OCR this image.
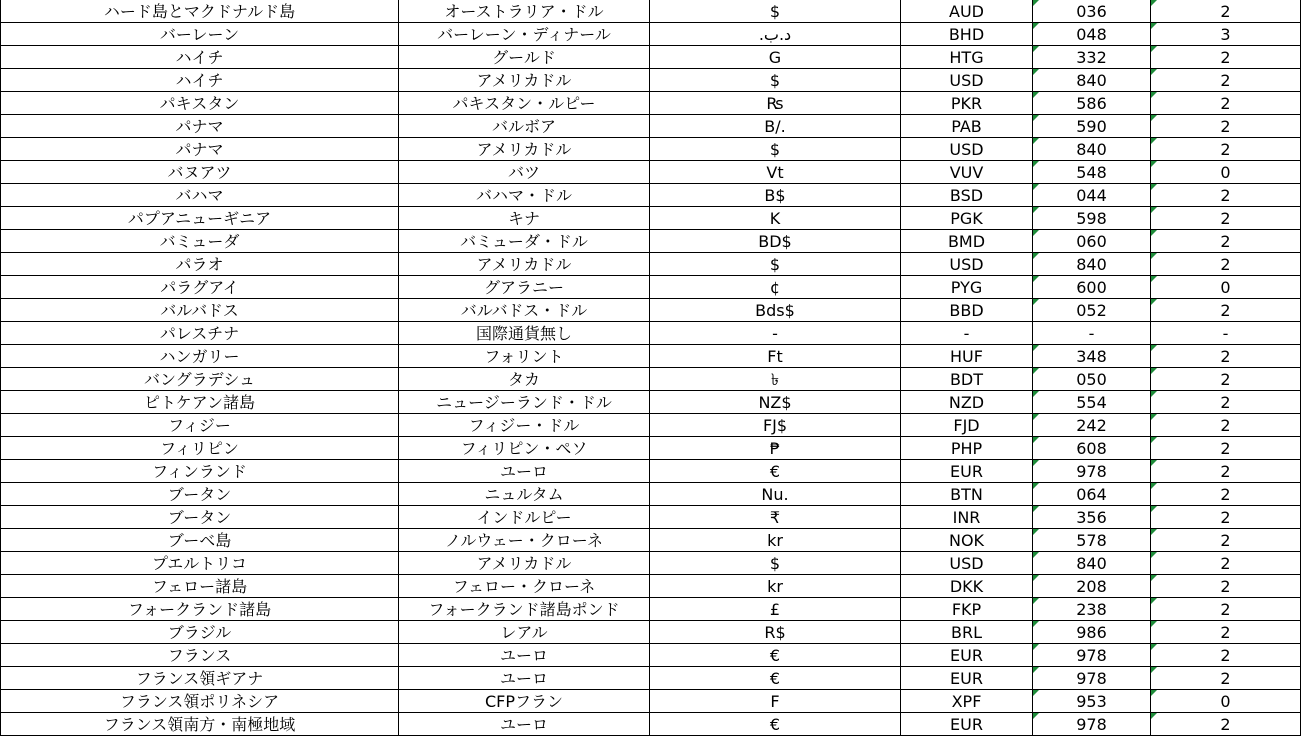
ハード島とマクドナルド島	オーストラリア・ドル	$	AUD	036	2
バーレーン	バーレーン・ディナール	.د.ب	BHD	048	3
ハイチ	グールド	G	HTG	332	2
ハイチ	アメリカドル	$	USD	840	2
パキスタン	パキスタン・ルピー	₨	PKR	586	2
パナマ	バルボア	B/.	PAB	590	2
パナマ	アメリカドル	$	USD	840	2
バヌアツ	バツ	Vt	VUV	548	0
バハマ	バハマ・ドル	B$	BSD	044	2
パプアニューギニア	キナ	K	PGK	598	2
バミューダ	バミューダ・ドル	BD$	BMD	060	2
パラオ	アメリカドル	$	USD	840	2
パラグアイ	グアラニー	¢	PYG	600	0
バルバドス	バルバドス・ドル	Bds$	BBD	052	2
パレスチナ	国際通貨無し	-	-	-	-
ハンガリー	フォリント	Ft	HUF	348	2
バングラデシュ	タカ	৳	BDT	050	2
ピトケアン諸島	ニュージーランド・ドル	NZ$	NZD	554	2
フィジー	フィジー・ドル	FJ$	FJD	242	2
フィリピン	フィリピン・ペソ	₱	PHP	608	2
フィンランド	ユーロ	€	EUR	978	2
ブータン	ニュルタム	Nu.	BTN	064	2
ブータン	インドルピー	₹	INR	356	2
ブーベ島	ノルウェー・クローネ	kr	NOK	578	2
プエルトリコ	アメリカドル	$	USD	840	2
フェロー諸島	フェロー・クローネ	kr	DKK	208	2
フォークランド諸島	フォークランド諸島ポンド	£	FKP	238	2
ブラジル	レアル	R$	BRL	986	2
フランス	ユーロ	€	EUR	978	2
フランス領ギアナ	ユーロ	€	EUR	978	2
フランス領ポリネシア	CFPフラン	F	XPF	953	0
フランス領南方・南極地域	ユーロ	€	EUR	978	2
